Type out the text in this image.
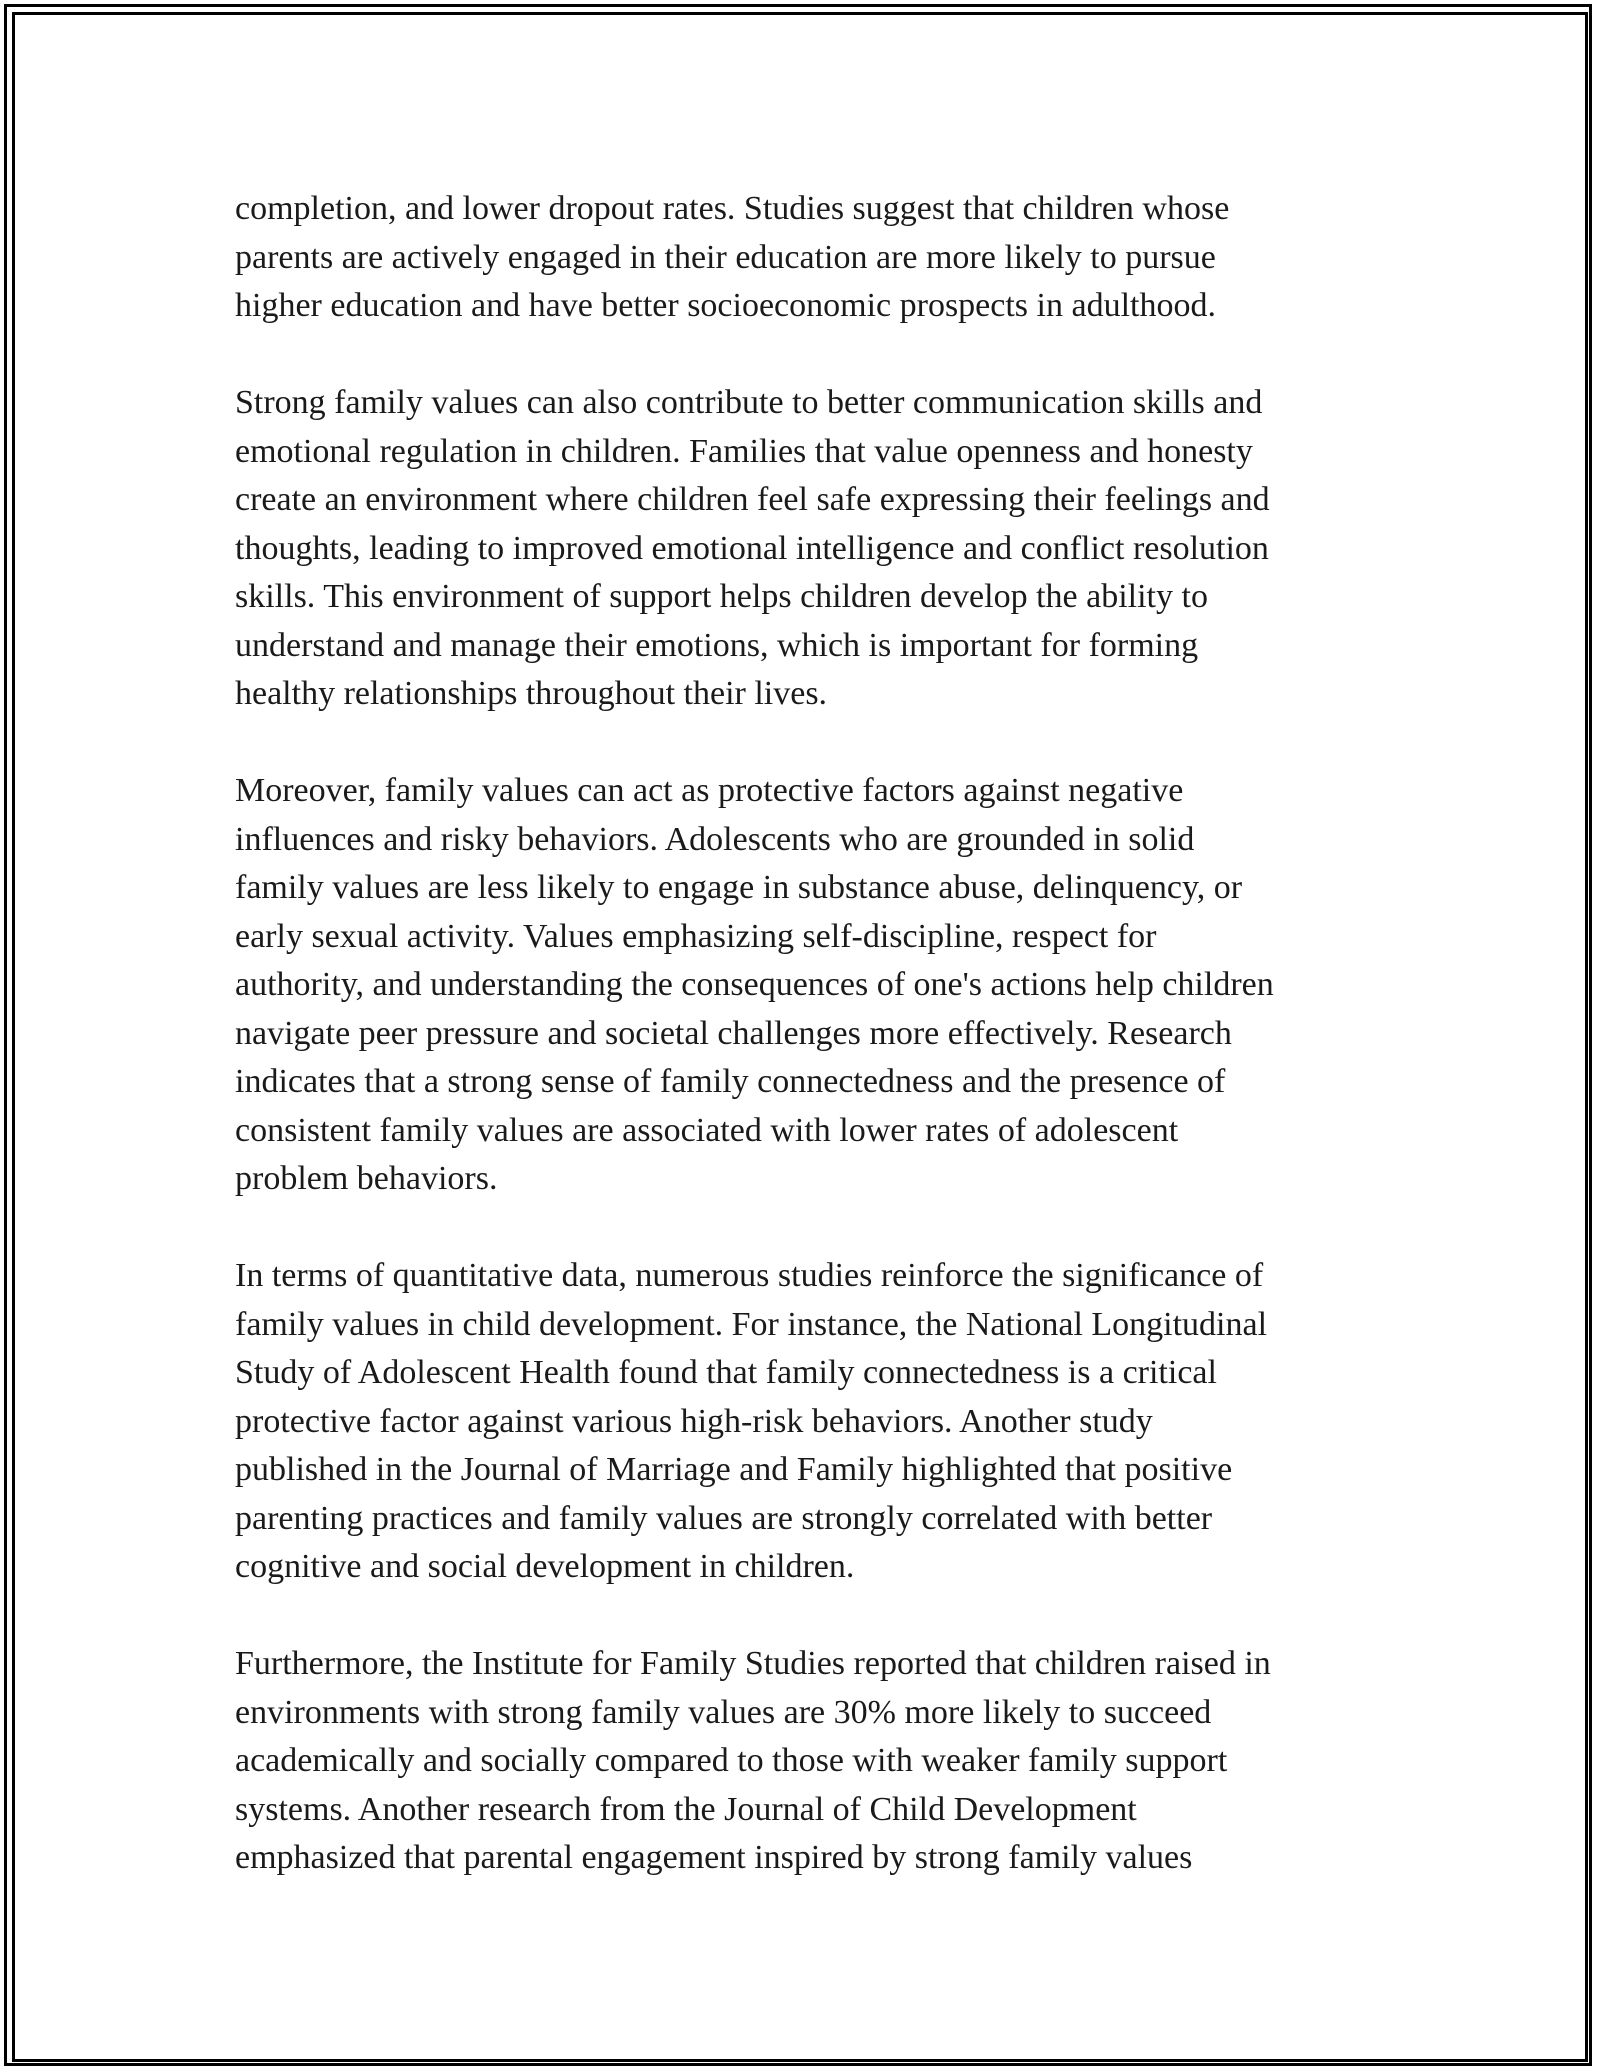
completion, and lower dropout rates. Studies suggest that children whose
parents are actively engaged in their education are more likely to pursue
higher education and have better socioeconomic prospects in adulthood.

Strong family values can also contribute to better communication skills and
emotional regulation in children. Families that value openness and honesty
create an environment where children feel safe expressing their feelings and
thoughts, leading to improved emotional intelligence and conflict resolution
skills. This environment of support helps children develop the ability to
understand and manage their emotions, which is important for forming
healthy relationships throughout their lives.

Moreover, family values can act as protective factors against negative
influences and risky behaviors. Adolescents who are grounded in solid
family values are less likely to engage in substance abuse, delinquency, or
early sexual activity. Values emphasizing self-discipline, respect for
authority, and understanding the consequences of one's actions help children
navigate peer pressure and societal challenges more effectively. Research
indicates that a strong sense of family connectedness and the presence of
consistent family values are associated with lower rates of adolescent
problem behaviors.

In terms of quantitative data, numerous studies reinforce the significance of
family values in child development. For instance, the National Longitudinal
Study of Adolescent Health found that family connectedness is a critical
protective factor against various high-risk behaviors. Another study
published in the Journal of Marriage and Family highlighted that positive
parenting practices and family values are strongly correlated with better
cognitive and social development in children.

Furthermore, the Institute for Family Studies reported that children raised in
environments with strong family values are 30% more likely to succeed
academically and socially compared to those with weaker family support
systems. Another research from the Journal of Child Development
emphasized that parental engagement inspired by strong family values
